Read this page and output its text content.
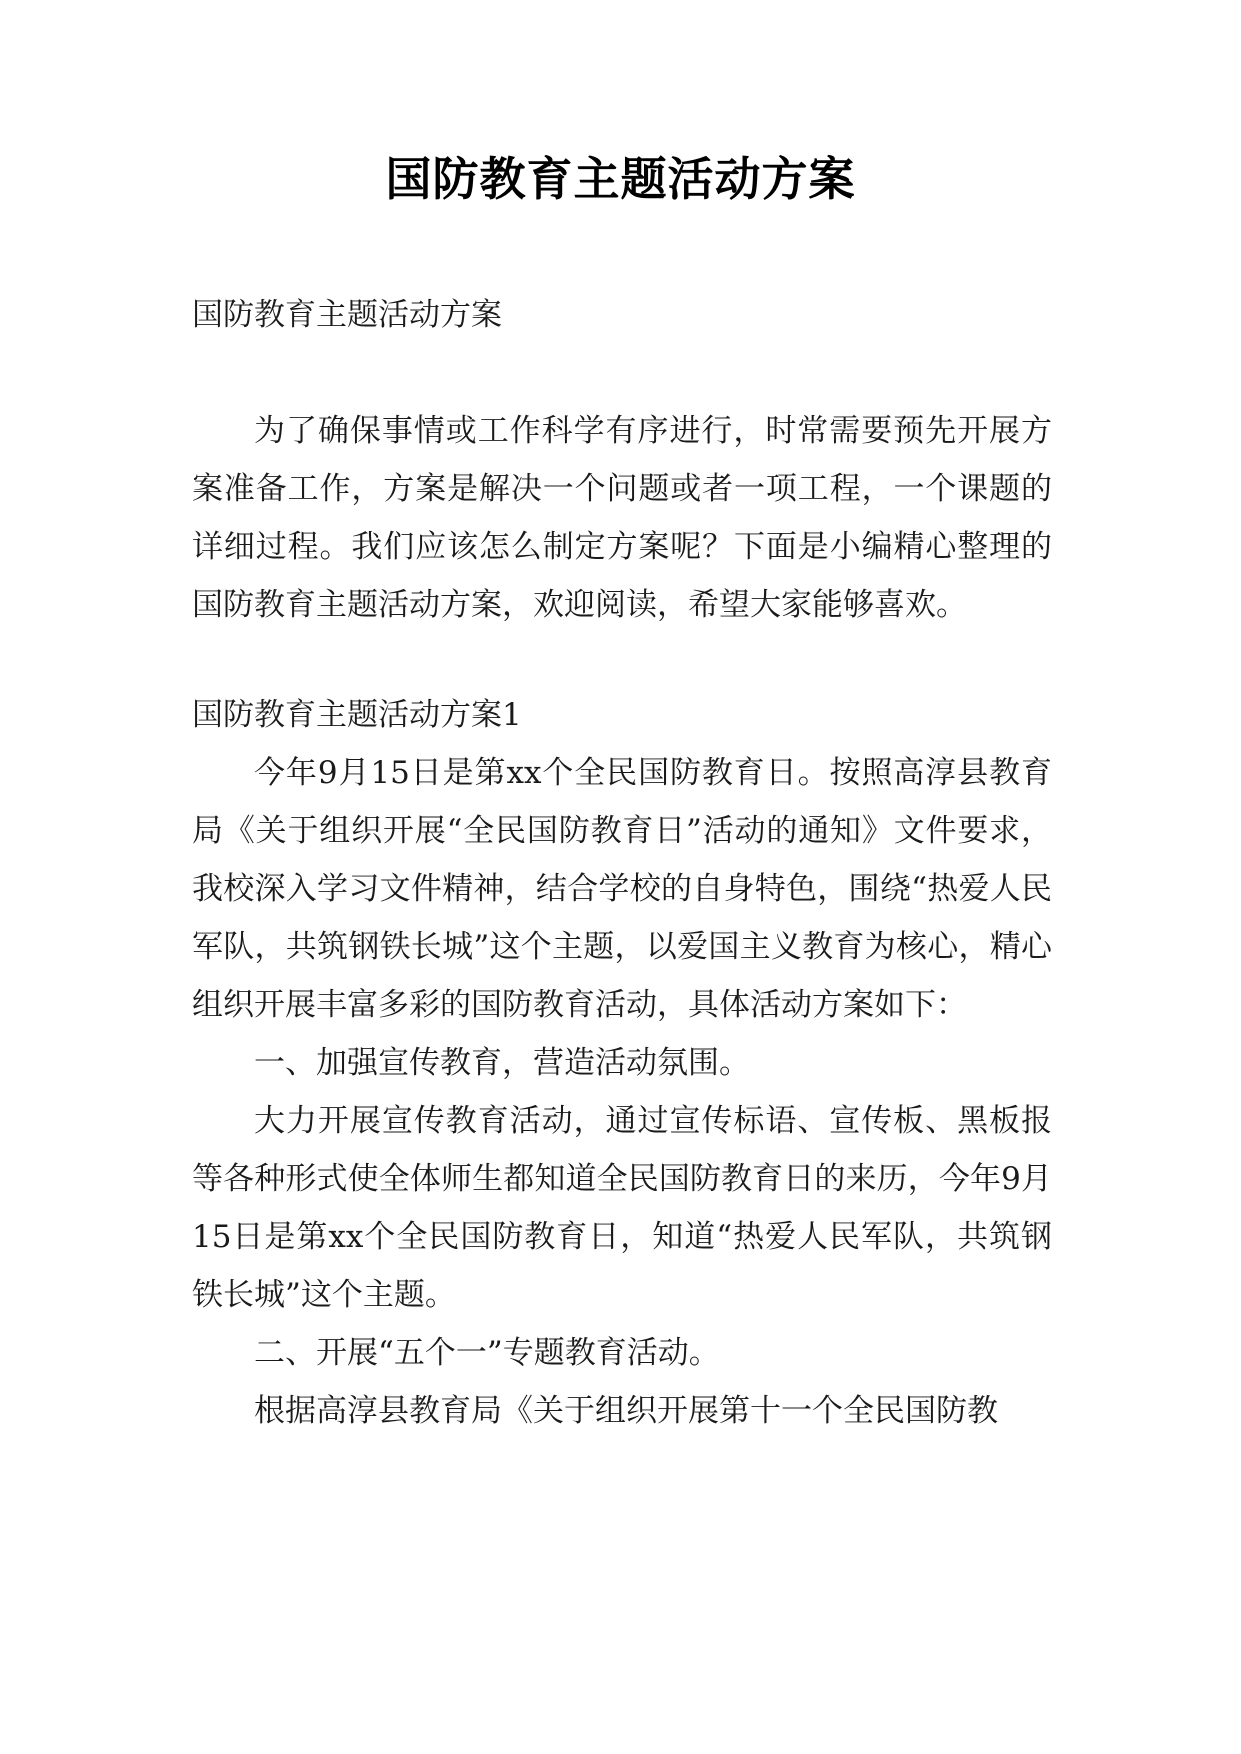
国防教育主题活动方案

国防教育主题活动方案

为了确保事情或工作科学有序进行，时常需要预先开展方案准备工作，方案是解决一个问题或者一项工程，一个课题的详细过程。我们应该怎么制定方案呢？下面是小编精心整理的国防教育主题活动方案，欢迎阅读，希望大家能够喜欢。

国防教育主题活动方案1

今年9月15日是第xx个全民国防教育日。按照高淳县教育局《关于组织开展“全民国防教育日”活动的通知》文件要求，我校深入学习文件精神，结合学校的自身特色，围绕“热爱人民军队，共筑钢铁长城”这个主题，以爱国主义教育为核心，精心组织开展丰富多彩的国防教育活动，具体活动方案如下：

一、加强宣传教育，营造活动氛围。

大力开展宣传教育活动，通过宣传标语、宣传板、黑板报等各种形式使全体师生都知道全民国防教育日的来历，今年9月15日是第xx个全民国防教育日，知道“热爱人民军队，共筑钢铁长城”这个主题。

二、开展“五个一”专题教育活动。

根据高淳县教育局《关于组织开展第十一个全民国防教
